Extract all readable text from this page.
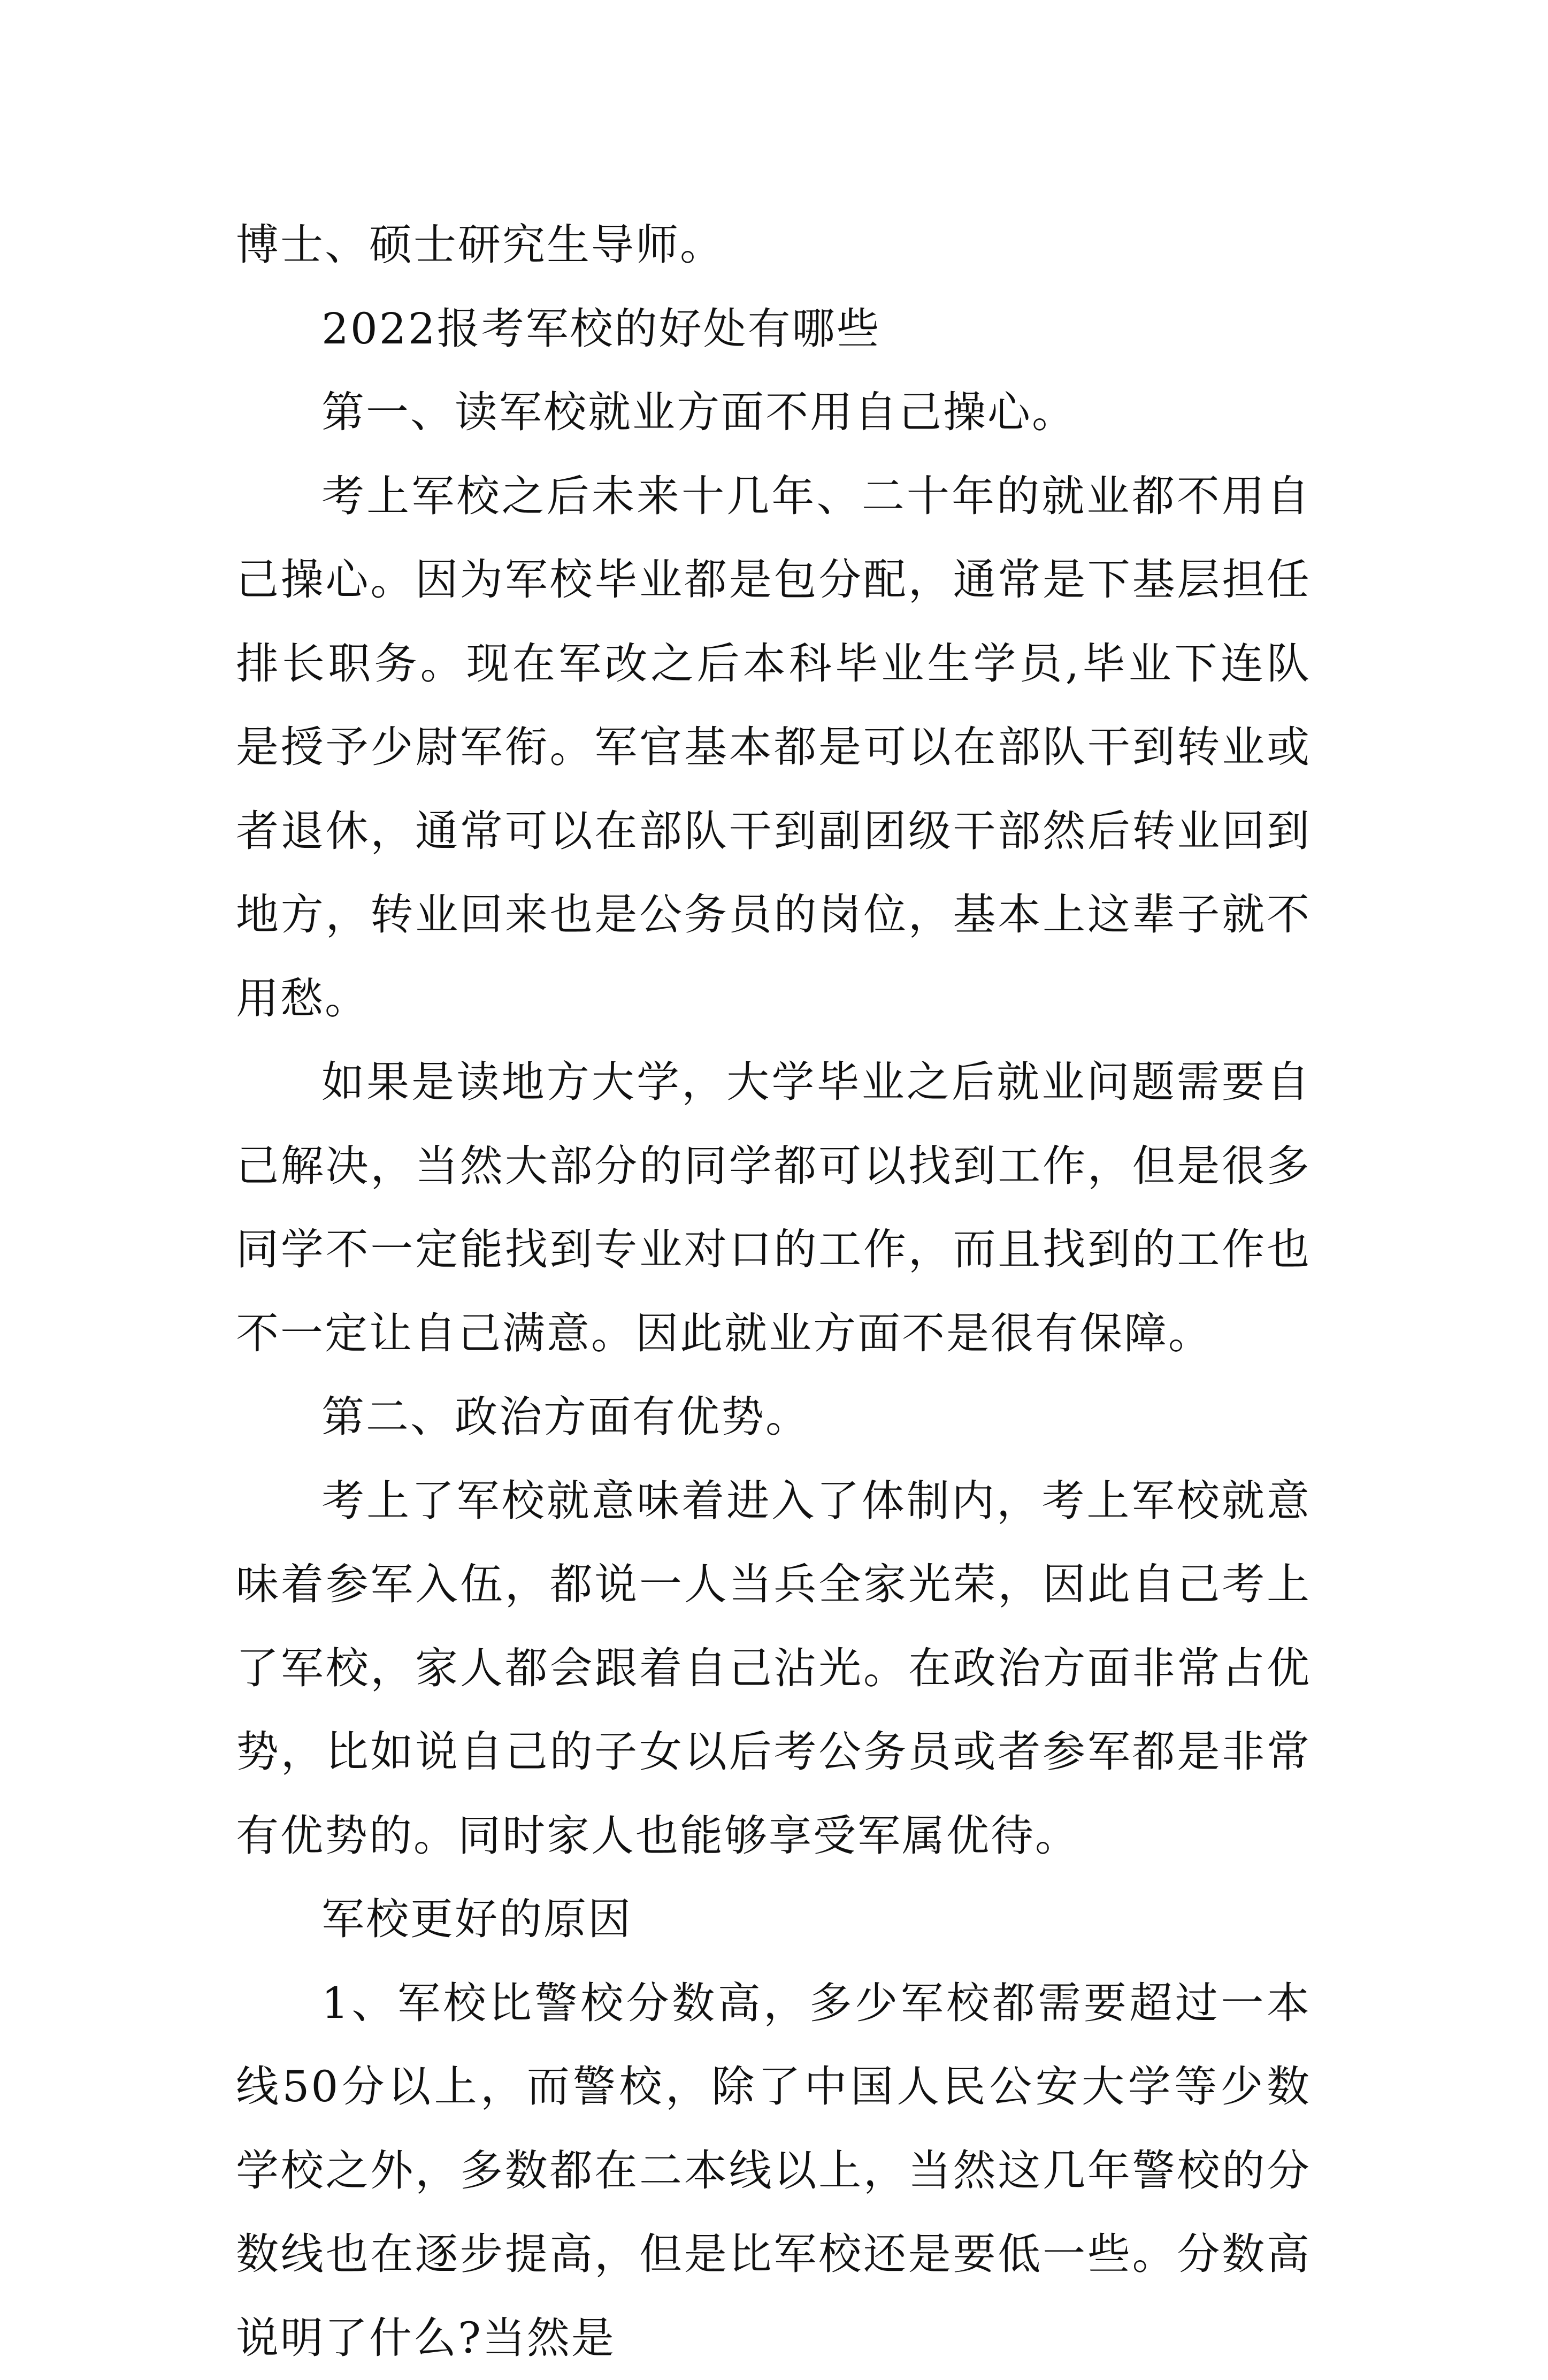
博士、硕士研究生导师。

2022报考军校的好处有哪些

第一、读军校就业方面不用自己操心。

考上军校之后未来十几年、二十年的就业都不用自己操心。因为军校毕业都是包分配，通常是下基层担任排长职务。现在军改之后本科毕业生学员,毕业下连队是授予少尉军衔。军官基本都是可以在部队干到转业或者退休，通常可以在部队干到副团级干部然后转业回到地方，转业回来也是公务员的岗位，基本上这辈子就不用愁。

如果是读地方大学，大学毕业之后就业问题需要自己解决，当然大部分的同学都可以找到工作，但是很多同学不一定能找到专业对口的工作，而且找到的工作也不一定让自己满意。因此就业方面不是很有保障。

第二、政治方面有优势。

考上了军校就意味着进入了体制内，考上军校就意味着参军入伍，都说一人当兵全家光荣，因此自己考上了军校，家人都会跟着自己沾光。在政治方面非常占优势，比如说自己的子女以后考公务员或者参军都是非常有优势的。同时家人也能够享受军属优待。

军校更好的原因

1、军校比警校分数高，多少军校都需要超过一本线50分以上，而警校，除了中国人民公安大学等少数学校之外，多数都在二本线以上，当然这几年警校的分数线也在逐步提高，但是比军校还是要低一些。分数高说明了什么?当然是
